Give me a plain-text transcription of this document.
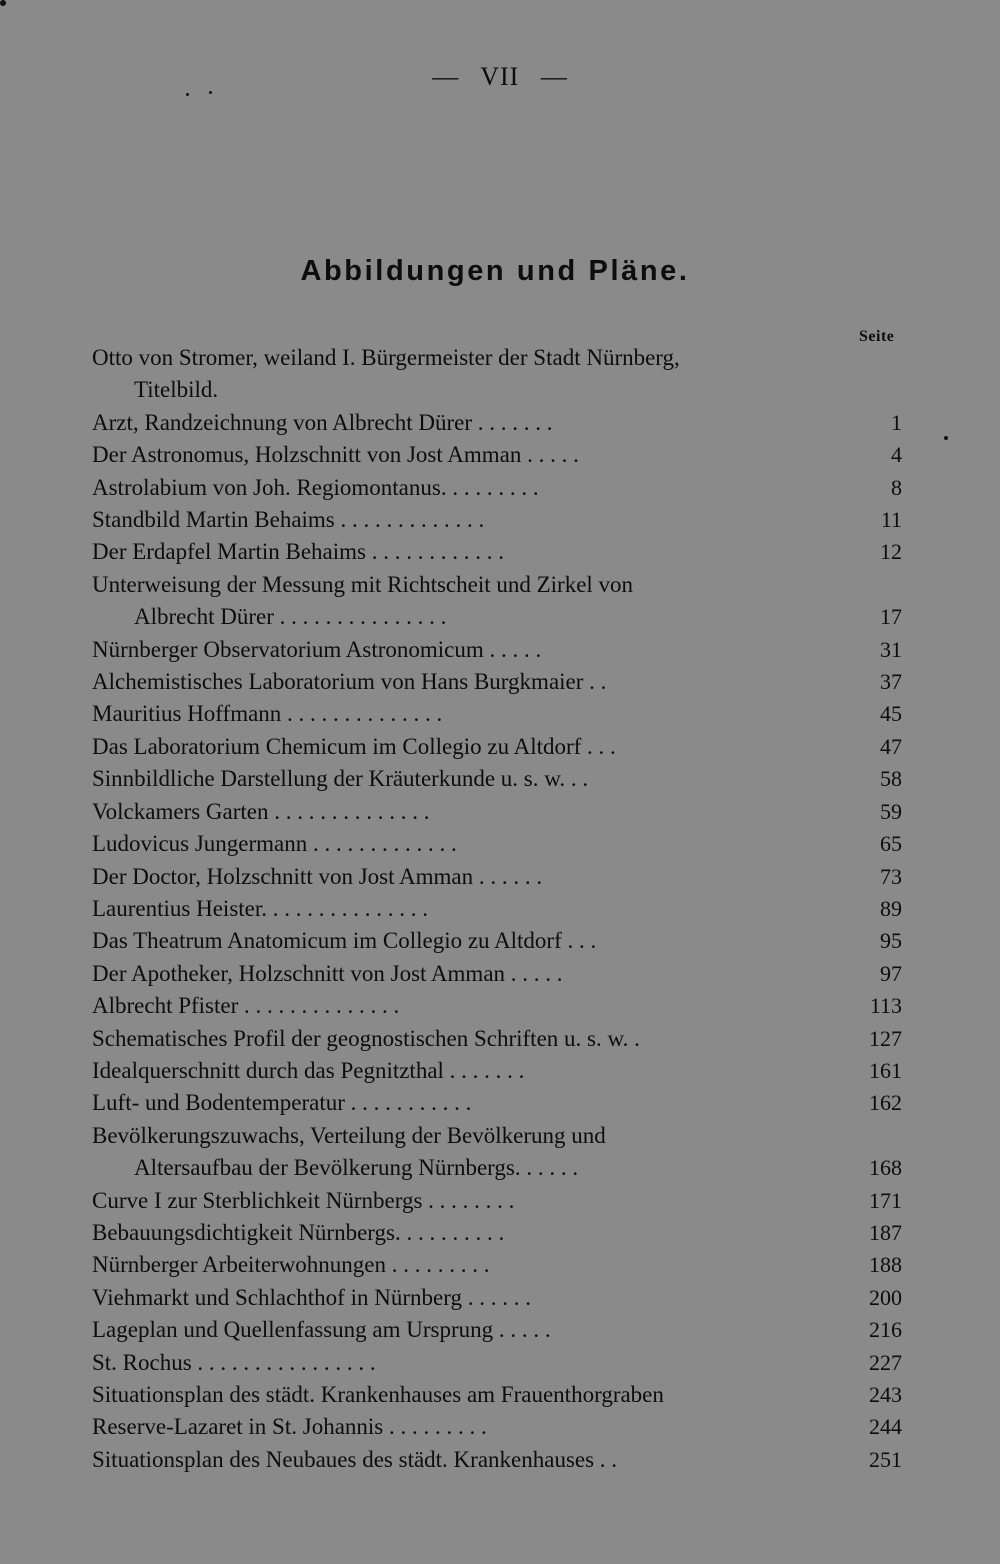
— VII —
Abbildungen und Pläne.
Seite
Otto von Stromer, weiland I. Bürgermeister der Stadt Nürnberg,
Titelbild.
Arzt, Randzeichnung von Albrecht Dürer . . . . . . .	1
Der Astronomus, Holzschnitt von Jost Amman . . . . .	4
Astrolabium von Joh. Regiomontanus. . . . . . . . .	8
Standbild Martin Behaims . . . . . . . . . . . . .	11
Der Erdapfel Martin Behaims . . . . . . . . . . . .	12
Unterweisung der Messung mit Richtscheit und Zirkel von
Albrecht Dürer . . . . . . . . . . . . . . .	17
Nürnberger Observatorium Astronomicum . . . . .	31
Alchemistisches Laboratorium von Hans Burgkmaier . .	37
Mauritius Hoffmann . . . . . . . . . . . . . .	45
Das Laboratorium Chemicum im Collegio zu Altdorf . . .	47
Sinnbildliche Darstellung der Kräuterkunde u. s. w. . .	58
Volckamers Garten . . . . . . . . . . . . . .	59
Ludovicus Jungermann . . . . . . . . . . . . .	65
Der Doctor, Holzschnitt von Jost Amman . . . . . .	73
Laurentius Heister. . . . . . . . . . . . . . .	89
Das Theatrum Anatomicum im Collegio zu Altdorf . . .	95
Der Apotheker, Holzschnitt von Jost Amman . . . . .	97
Albrecht Pfister . . . . . . . . . . . . . .	113
Schematisches Profil der geognostischen Schriften u. s. w. .	127
Idealquerschnitt durch das Pegnitzthal . . . . . . .	161
Luft- und Bodentemperatur . . . . . . . . . . .	162
Bevölkerungszuwachs, Verteilung der Bevölkerung und
Altersaufbau der Bevölkerung Nürnbergs. . . . . .	168
Curve I zur Sterblichkeit Nürnbergs . . . . . . . .	171
Bebauungsdichtigkeit Nürnbergs. . . . . . . . . .	187
Nürnberger Arbeiterwohnungen . . . . . . . . .	188
Viehmarkt und Schlachthof in Nürnberg . . . . . .	200
Lageplan und Quellenfassung am Ursprung . . . . .	216
St. Rochus . . . . . . . . . . . . . . . .	227
Situationsplan des städt. Krankenhauses am Frauenthorgraben	243
Reserve-Lazaret in St. Johannis . . . . . . . . .	244
Situationsplan des Neubaues des städt. Krankenhauses . .	251
